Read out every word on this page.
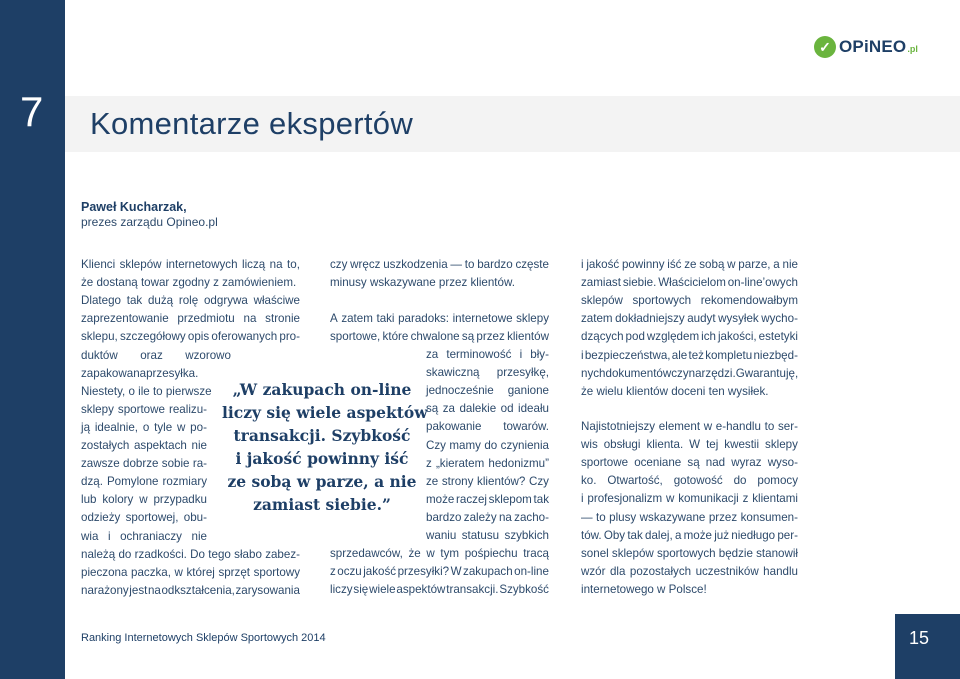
7 Komentarze ekspertów
✓ OPiNEO .pl
Paweł Kucharzak,
prezes zarządu Opineo.pl
Klienci sklepów internetowych liczą na to,
że dostaną towar zgodny z zamówieniem.
Dlatego tak dużą rolę odgrywa właściwe
zaprezentowanie przedmiotu na stronie
sklepu, szczegółowy opis oferowanych pro-
duktów oraz wzorowo
zapakowana przesyłka.
Niestety, o ile to pierwsze
sklepy sportowe realizu-
ją idealnie, o tyle w po-
zostałych aspektach nie
zawsze dobrze sobie ra-
dzą. Pomylone rozmiary
lub kolory w przypadku
odzieży sportowej, obu-
wia i ochraniaczy nie
należą do rzadkości. Do tego słabo zabez-
pieczona paczka, w której sprzęt sportowy
narażony jest na odkształcenia, zarysowania
czy wręcz uszkodzenia — to bardzo częste
minusy wskazywane przez klientów.
A zatem taki paradoks: internetowe sklepy
sportowe, które chwalone są przez klientów
za terminowość i bły-
skawiczną przesyłkę,
jednocześnie ganione
są za dalekie od ideału
pakowanie towarów.
Czy mamy do czynienia
z „kieratem hedonizmu”
ze strony klientów? Czy
może raczej sklepom tak
bardzo zależy na zacho-
waniu statusu szybkich
sprzedawców, że w tym pośpiechu tracą
z oczu jakość przesyłki? W zakupach on-line
liczy się wiele aspektów transakcji. Szybkość
i jakość powinny iść ze sobą w parze, a nie
zamiast siebie. Właścicielom on-line’owych
sklepów sportowych rekomendowałbym
zatem dokładniejszy audyt wysyłek wycho-
dzących pod względem ich jakości, estetyki
i bezpieczeństwa, ale też kompletu niezbęd-
nych dokumentów czy narzędzi. Gwarantuję,
że wielu klientów doceni ten wysiłek.
Najistotniejszy element w e-handlu to ser-
wis obsługi klienta. W tej kwestii sklepy
sportowe oceniane są nad wyraz wyso-
ko. Otwartość, gotowość do pomocy
i profesjonalizm w komunikacji z klientami
— to plusy wskazywane przez konsumen-
tów. Oby tak dalej, a może już niedługo per-
sonel sklepów sportowych będzie stanowił
wzór dla pozostałych uczestników handlu
internetowego w Polsce!
„W zakupach on-line
liczy się wiele aspektów
transakcji. Szybkość
i jakość powinny iść
ze sobą w parze, a nie
zamiast siebie.”
Ranking Internetowych Sklepów Sportowych 2014	15
